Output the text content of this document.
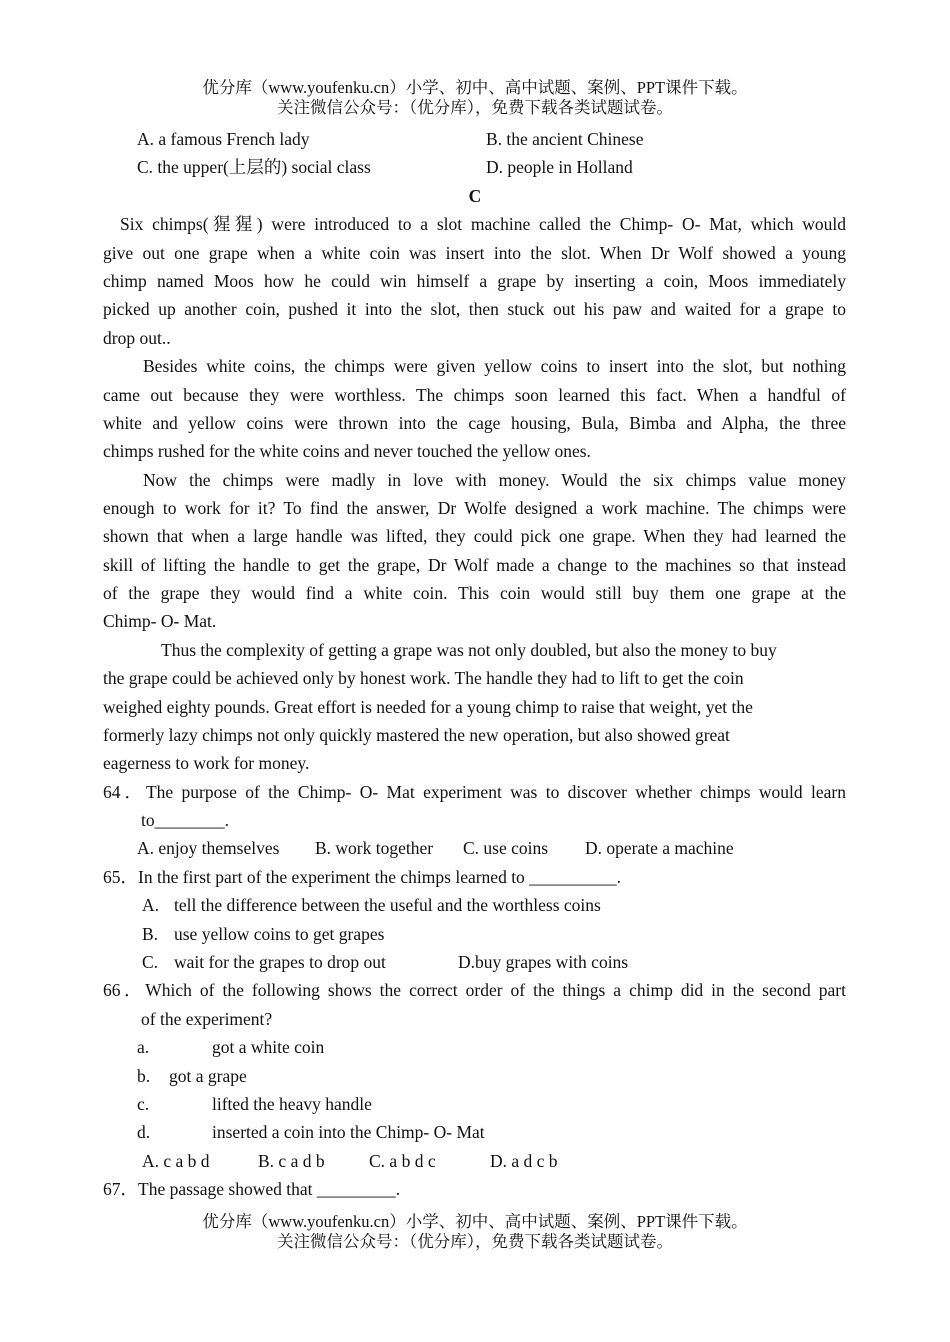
优分库（www.youfenku.cn）小学、初中、高中试题、案例、PPT课件下载。
关注微信公众号：（优分库），免费下载各类试题试卷。
A. a famous French lady	B. the ancient Chinese
C. the upper(上层的) social class	D. people in Holland
C
Six chimps(猩猩) were introduced to a slot machine called the Chimp- O- Mat, which would
give out one grape when a white coin was insert into the slot. When Dr Wolf showed a young
chimp named Moos how he could win himself a grape by inserting a coin, Moos immediately
picked up another coin, pushed it into the slot, then stuck out his paw and waited for a grape to
drop out..
Besides white coins, the chimps were given yellow coins to insert into the slot, but nothing
came out because they were worthless. The chimps soon learned this fact. When a handful of
white and yellow coins were thrown into the cage housing, Bula, Bimba and Alpha, the three
chimps rushed for the white coins and never touched the yellow ones.
Now the chimps were madly in love with money. Would the six chimps value money
enough to work for it? To find the answer, Dr Wolfe designed a work machine. The chimps were
shown that when a large handle was lifted, they could pick one grape. When they had learned the
skill of lifting the handle to get the grape, Dr Wolf made a change to the machines so that instead
of the grape they would find a white coin. This coin would still buy them one grape at the
Chimp- O- Mat.
Thus the complexity of getting a grape was not only doubled, but also the money to buy
the grape could be achieved only by honest work. The handle they had to lift to get the coin
weighed eighty pounds. Great effort is needed for a young chimp to raise that weight, yet the
formerly lazy chimps not only quickly mastered the new operation, but also showed great
eagerness to work for money.
64．The purpose of the Chimp- O- Mat experiment was to discover whether chimps would learn
to________.
A. enjoy themselves B. work together C. use coins D. operate a machine
65．In the first part of the experiment the chimps learned to __________.
A. tell the difference between the useful and the worthless coins
B. use yellow coins to get grapes
C. wait for the grapes to drop out	D.buy grapes with coins
66．Which of the following shows the correct order of the things a chimp did in the second part
of the experiment?
a.	got a white coin
b. got a grape
c.	lifted the heavy handle
d.	inserted a coin into the Chimp- O- Mat
A. c a b d	B. c a d b	C. a b d c	D. a d c b
67．The passage showed that _________.
优分库（www.youfenku.cn）小学、初中、高中试题、案例、PPT课件下载。
关注微信公众号：（优分库），免费下载各类试题试卷。
